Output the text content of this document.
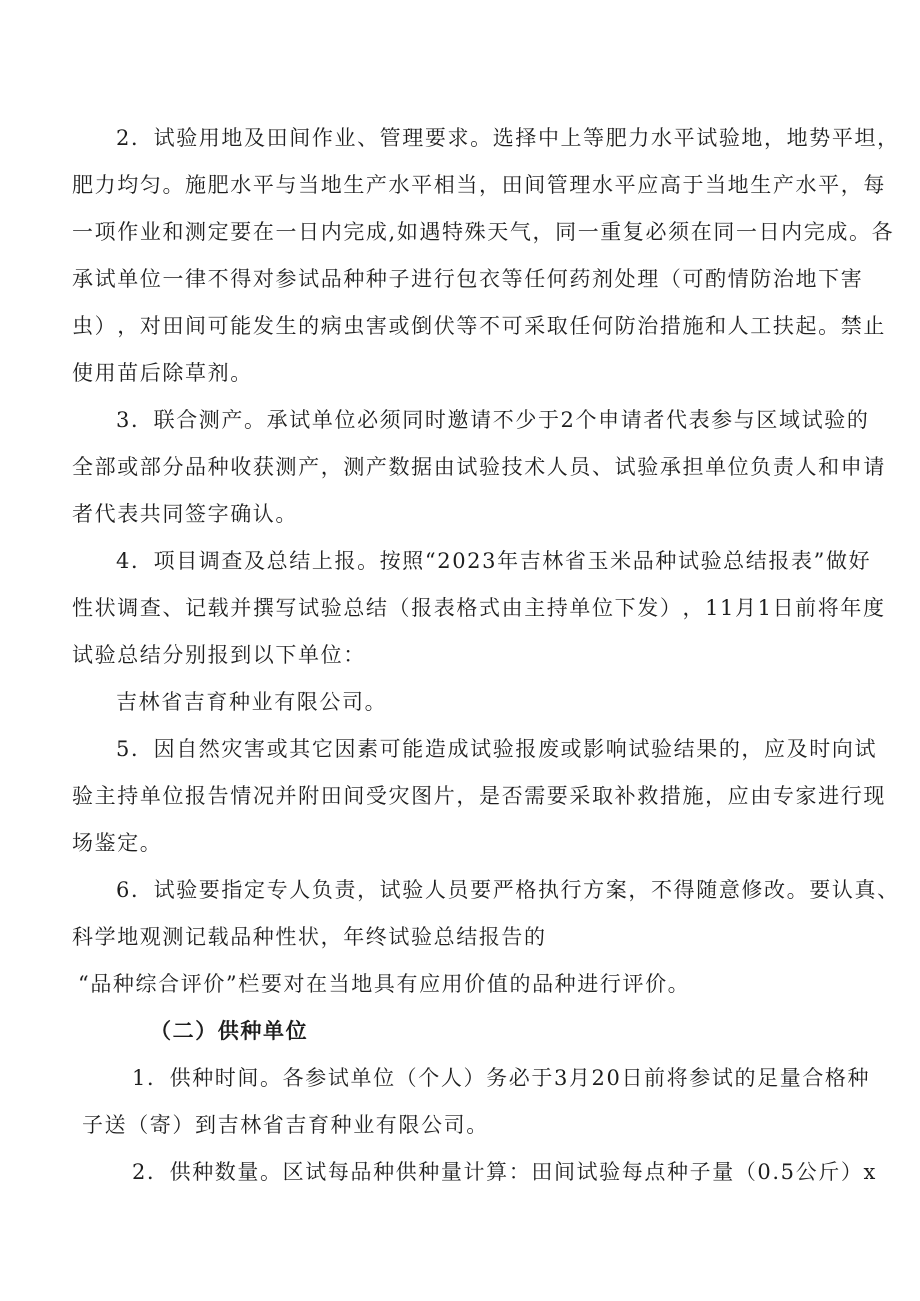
2 ． 试 验 用 地 及 田 间 作 业 、 管 理 要 求 。 选 择 中 上 等 肥 力 水 平 试 验 地 ， 地 势 平 坦 ，
肥 力 均 匀 。 施 肥 水 平 与 当 地 生 产 水 平 相 当 ， 田 间 管 理 水 平 应 高 于 当 地 生 产 水 平 ， 每
一 项 作 业 和 测 定 要 在 一 日 内 完 成 , 如 遇 特 殊 天 气 ， 同 一 重 复 必 须 在 同 一 日 内 完 成 。 各
承 试 单 位 一 律 不 得 对 参 试 品 种 种 子 进 行 包 衣 等 任 何 药 剂 处 理 （ 可 酌 情 防 治 地 下 害
虫 ） ， 对 田 间 可 能 发 生 的 病 虫 害 或 倒 伏 等 不 可 采 取 任 何 防 治 措 施 和 人 工 扶 起 。 禁 止
使用苗后除草剂。
3 ． 联 合 测 产 。 承 试 单 位 必 须 同 时 邀 请 不 少 于 2 个 申 请 者 代 表 参 与 区 域 试 验 的
全 部 或 部 分 品 种 收 获 测 产 ， 测 产 数 据 由 试 验 技 术 人 员 、 试 验 承 担 单 位 负 责 人 和 申 请
者代表共同签字确认。
4 ． 项 目 调 查 及 总 结 上 报 。 按 照 “ 2023 年 吉 林 省 玉 米 品 种 试 验 总 结 报 表 ” 做 好
性 状 调 查 、 记 载 并 撰 写 试 验 总 结 （ 报 表 格 式 由 主 持 单 位 下 发 ） ， 11 月 1 日 前 将 年 度
试验总结分别报到以下单位：
吉林省吉育种业有限公司。
5 ． 因 自 然 灾 害 或 其 它 因 素 可 能 造 成 试 验 报 废 或 影 响 试 验 结 果 的 ， 应 及 时 向 试
验 主 持 单 位 报 告 情 况 并 附 田 间 受 灾 图 片 ， 是 否 需 要 采 取 补 救 措 施 ， 应 由 专 家 进 行 现
场鉴定。
6 ． 试 验 要 指 定 专 人 负 责 ， 试 验 人 员 要 严 格 执 行 方 案 ， 不 得 随 意 修 改 。 要 认 真 、
科学地观测记载品种性状，年终试验总结报告的
“品种综合评价”栏要对在当地具有应用价值的品种进行评价。
（二）供种单位
1 ． 供 种 时 间 。 各 参 试 单 位 （ 个 人 ） 务 必 于 3 月 20 日 前 将 参 试 的 足 量 合 格 种
子送（寄）到吉林省吉育种业有限公司。
2 ． 供 种 数 量 。 区 试 每 品 种 供 种 量 计 算 ： 田 间 试 验 每 点 种 子 量 （ 0.5 公 斤 ） x
